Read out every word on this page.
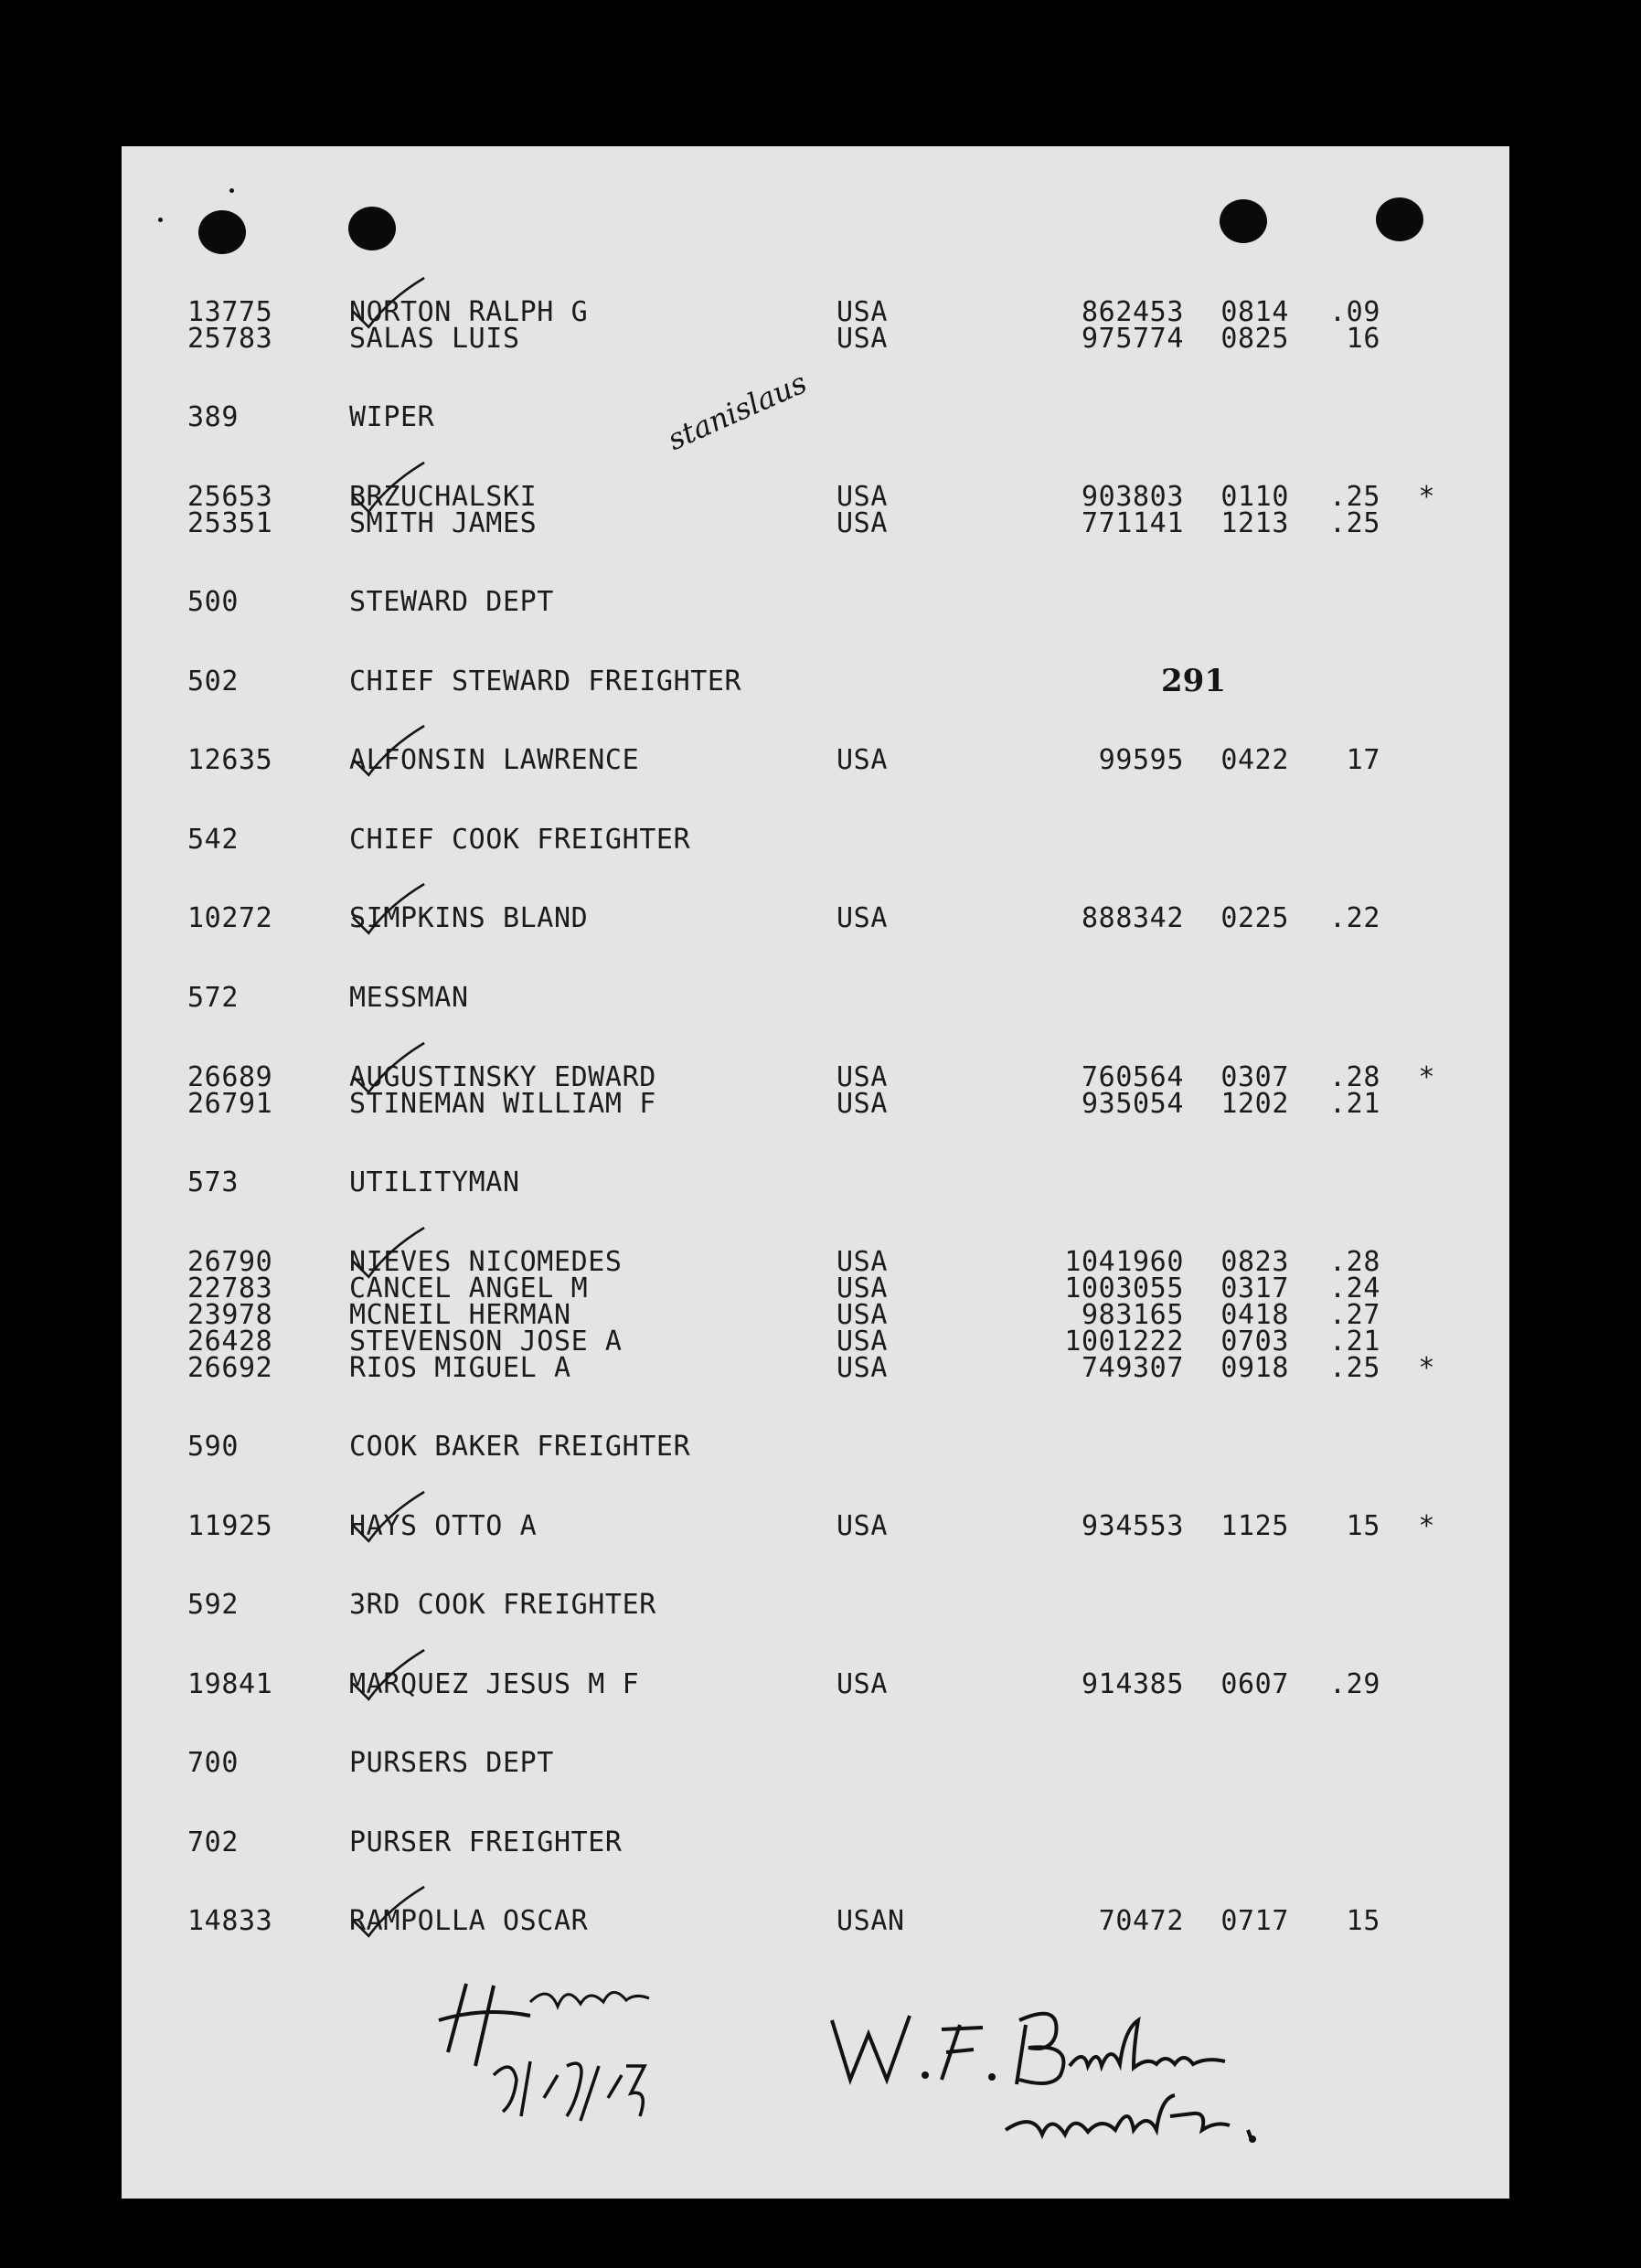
13775	NORTON RALPH G	USA	862453	0814	.09
25783	SALAS LUIS	USA	975774	0825	16
389	WIPER
25653	BRZUCHALSKI	USA	903803	0110	.25	*
25351	SMITH JAMES	USA	771141	1213	.25
500	STEWARD DEPT
502	CHIEF STEWARD FREIGHTER
12635	ALFONSIN LAWRENCE	USA	99595	0422	17
542	CHIEF COOK FREIGHTER
10272	SIMPKINS BLAND	USA	888342	0225	.22
572	MESSMAN
26689	AUGUSTINSKY EDWARD	USA	760564	0307	.28	*
26791	STINEMAN WILLIAM F	USA	935054	1202	.21
573	UTILITYMAN
26790	NIEVES NICOMEDES	USA	1041960	0823	.28
22783	CANCEL ANGEL M	USA	1003055	0317	.24
23978	MCNEIL HERMAN	USA	983165	0418	.27
26428	STEVENSON JOSE A	USA	1001222	0703	.21
26692	RIOS MIGUEL A	USA	749307	0918	.25	*
590	COOK BAKER FREIGHTER
11925	HAYS OTTO A	USA	934553	1125	15	*
592	3RD COOK FREIGHTER
19841	MARQUEZ JESUS M F	USA	914385	0607	.29
700	PURSERS DEPT
702	PURSER FREIGHTER
14833	RAMPOLLA OSCAR	USAN	70472	0717	15
291
stanislaus
